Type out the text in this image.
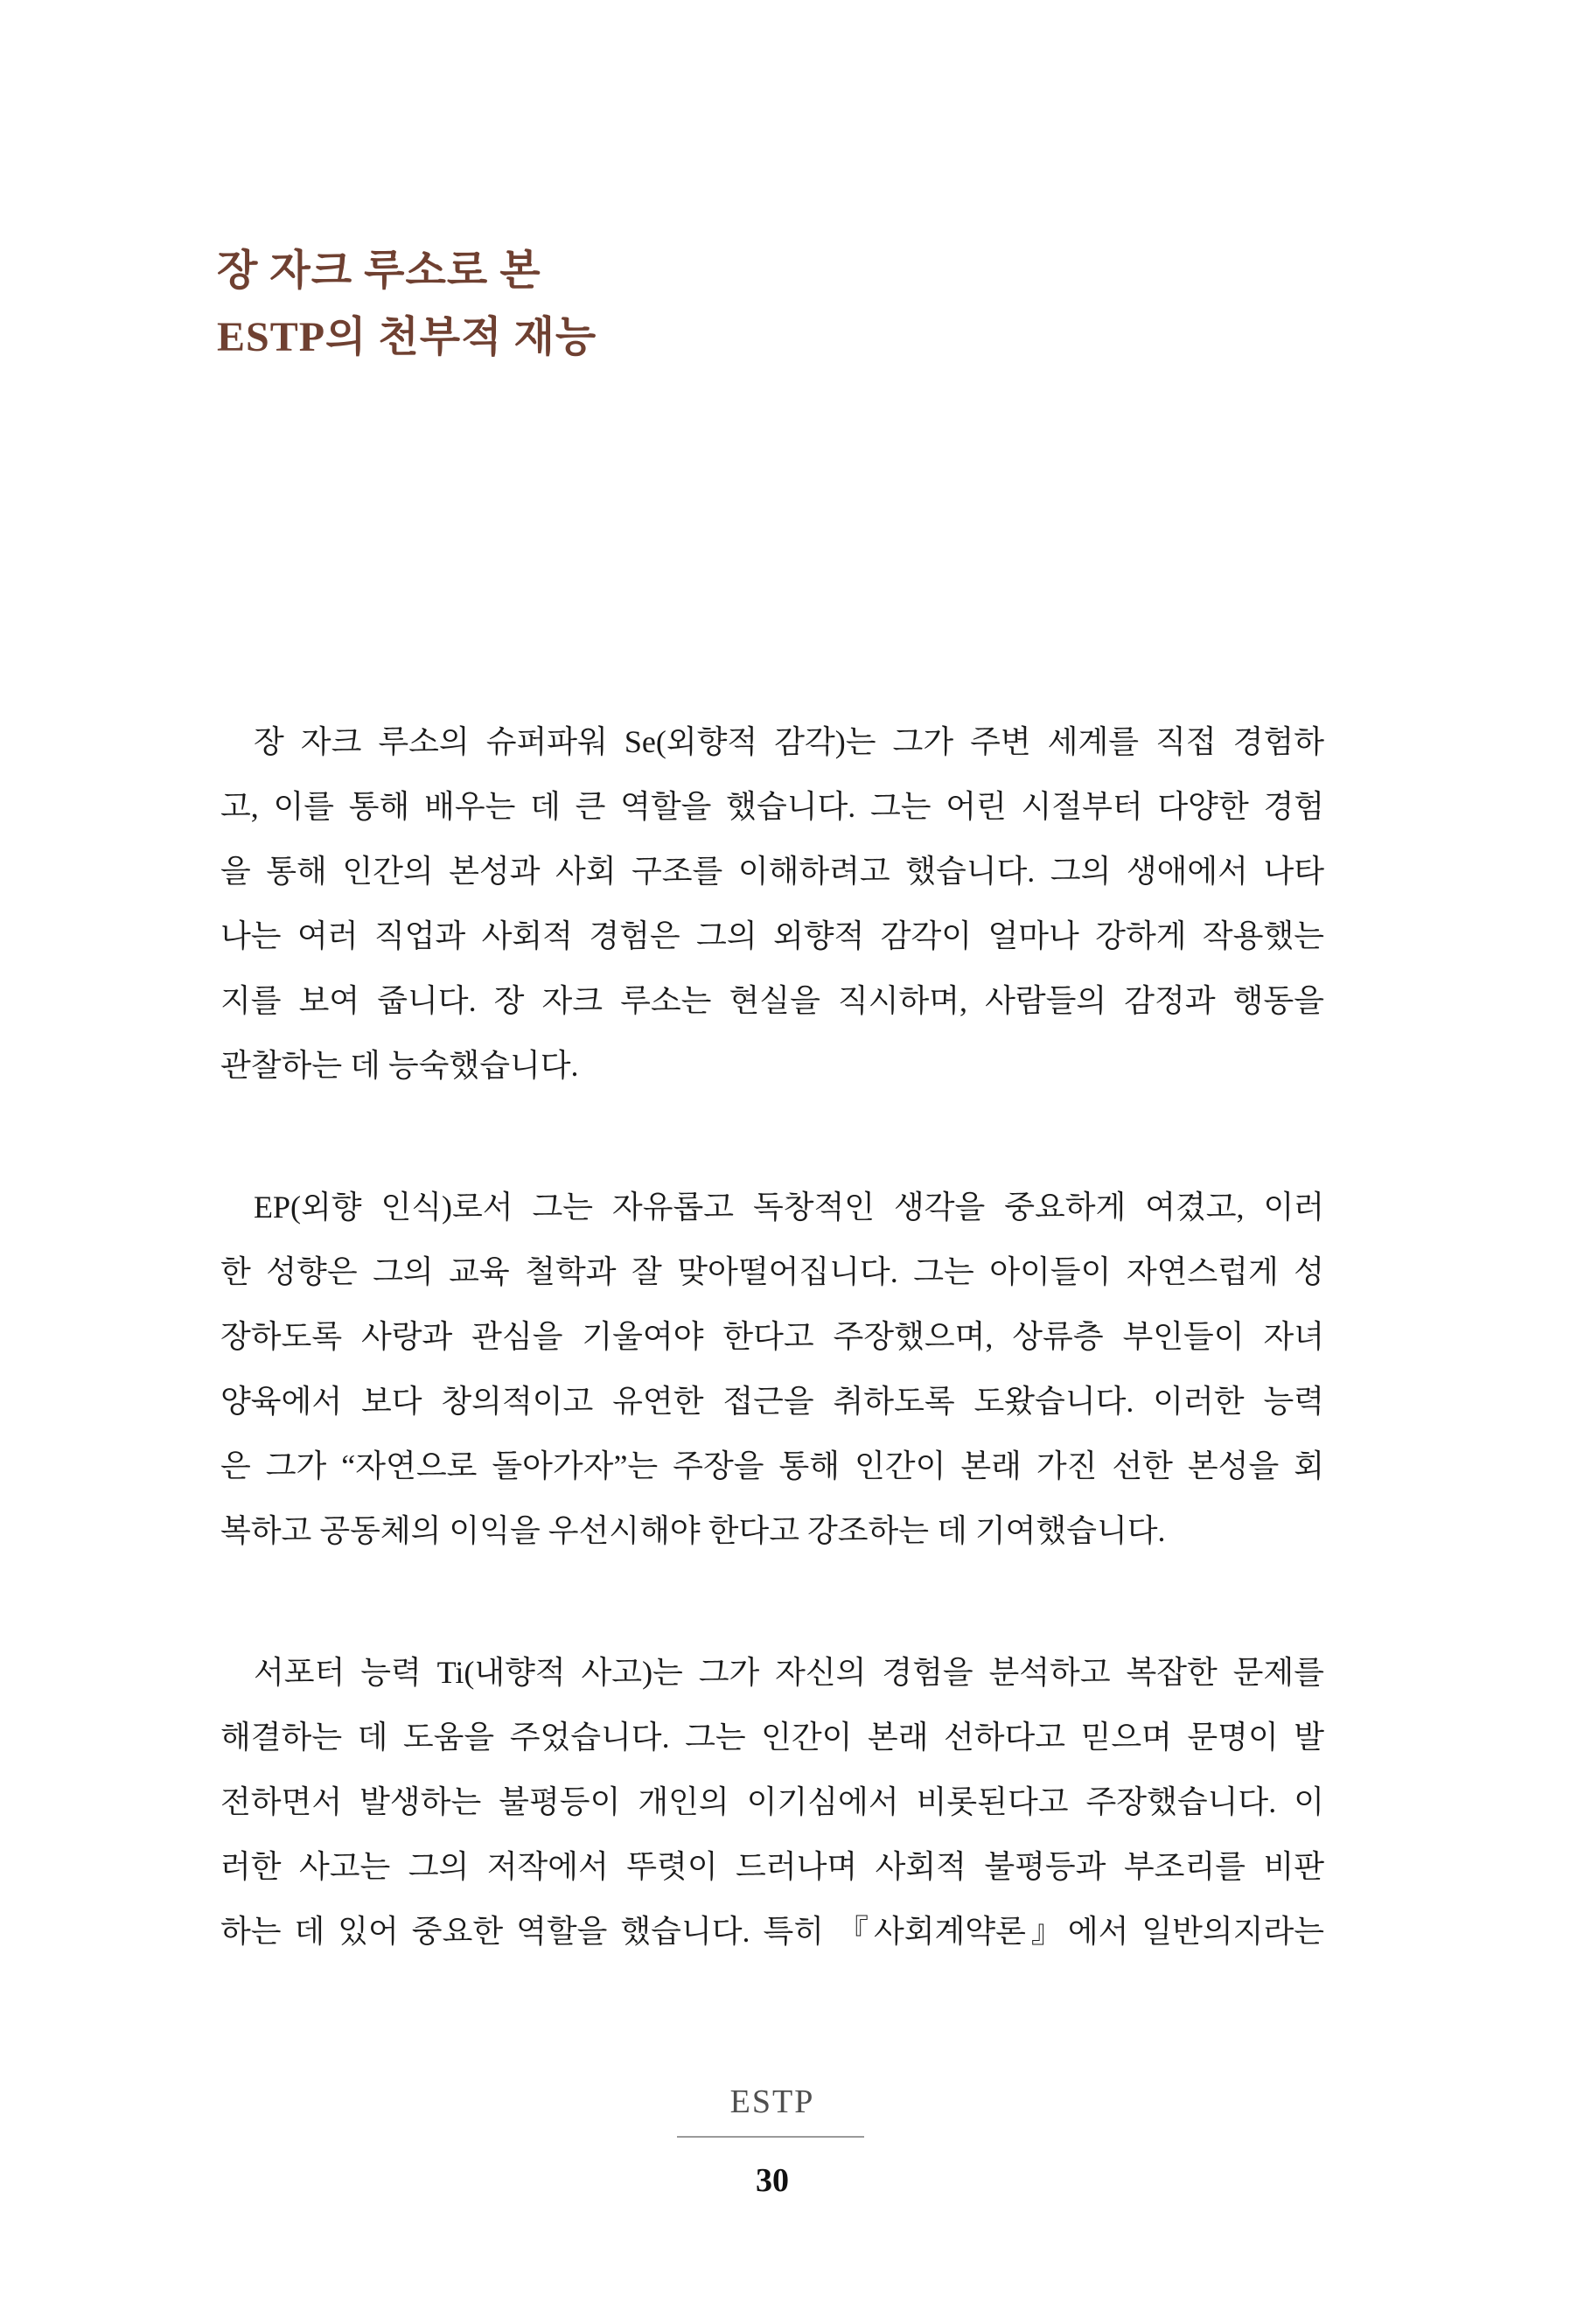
장 자크 루소로 본
ESTP의 천부적 재능

장 자크 루소의 슈퍼파워 Se(외향적 감각)는 그가 주변 세계를 직접 경험하

고, 이를 통해 배우는 데 큰 역할을 했습니다. 그는 어린 시절부터 다양한 경험

을 통해 인간의 본성과 사회 구조를 이해하려고 했습니다. 그의 생애에서 나타

나는 여러 직업과 사회적 경험은 그의 외향적 감각이 얼마나 강하게 작용했는

지를 보여 줍니다. 장 자크 루소는 현실을 직시하며, 사람들의 감정과 행동을

관찰하는 데 능숙했습니다.

EP(외향 인식)로서 그는 자유롭고 독창적인 생각을 중요하게 여겼고, 이러

한 성향은 그의 교육 철학과 잘 맞아떨어집니다. 그는 아이들이 자연스럽게 성

장하도록 사랑과 관심을 기울여야 한다고 주장했으며, 상류층 부인들이 자녀

양육에서 보다 창의적이고 유연한 접근을 취하도록 도왔습니다. 이러한 능력

은 그가 “자연으로 돌아가자”는 주장을 통해 인간이 본래 가진 선한 본성을 회

복하고 공동체의 이익을 우선시해야 한다고 강조하는 데 기여했습니다.

서포터 능력 Ti(내향적 사고)는 그가 자신의 경험을 분석하고 복잡한 문제를

해결하는 데 도움을 주었습니다. 그는 인간이 본래 선하다고 믿으며 문명이 발

전하면서 발생하는 불평등이 개인의 이기심에서 비롯된다고 주장했습니다. 이

러한 사고는 그의 저작에서 뚜렷이 드러나며 사회적 불평등과 부조리를 비판

하는 데 있어 중요한 역할을 했습니다. 특히 『사회계약론』에서 일반의지라는

ESTP
30
